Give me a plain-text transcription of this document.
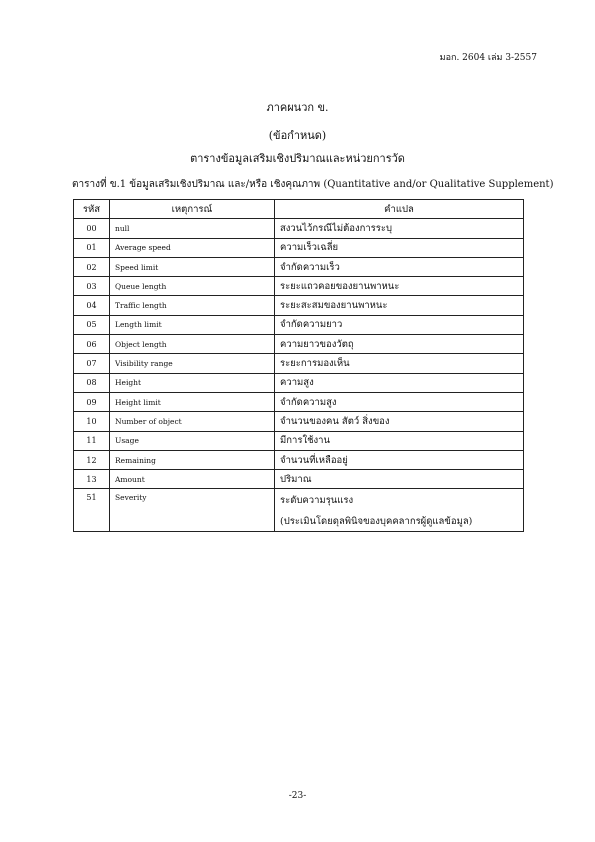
มอก. 2604 เล่ม 3-2557
ภาคผนวก ข.
(ข้อกำหนด)
ตารางข้อมูลเสริมเชิงปริมาณและหน่วยการวัด
ตารางที่ ข.1 ข้อมูลเสริมเชิงปริมาณ และ/หรือ เชิงคุณภาพ (Quantitative and/or Qualitative Supplement)
รหัส	เหตุการณ์	คำแปล
00	null	สงวนไว้กรณีไม่ต้องการระบุ
01	Average speed	ความเร็วเฉลี่ย
02	Speed limit	จำกัดความเร็ว
03	Queue length	ระยะแถวคอยของยานพาหนะ
04	Traffic length	ระยะสะสมของยานพาหนะ
05	Length limit	จำกัดความยาว
06	Object length	ความยาวของวัตถุ
07	Visibility range	ระยะการมองเห็น
08	Height	ความสูง
09	Height limit	จำกัดความสูง
10	Number of object	จำนวนของคน สัตว์ สิ่งของ
11	Usage	มีการใช้งาน
12	Remaining	จำนวนที่เหลืออยู่
13	Amount	ปริมาณ
51	Severity	ระดับความรุนแรง
(ประเมินโดยดุลพินิจของบุคคลากรผู้ดูแลข้อมูล)
-23-
